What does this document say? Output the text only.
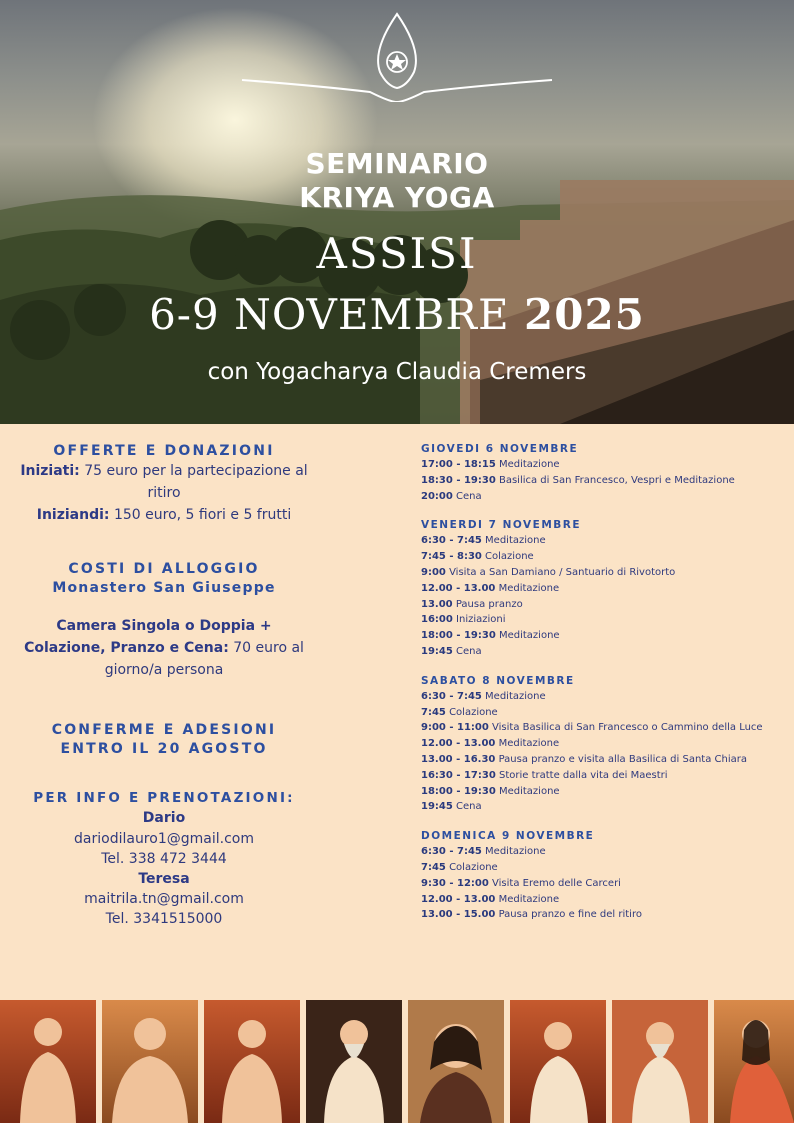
SEMINARIO
KRIYA YOGA
ASSISI
6-9 NOVEMBRE 2025
con Yogacharya Claudia Cremers
OFFERTE E DONAZIONI
Iniziati: 75 euro per la partecipazione al ritiro
Iniziandi: 150 euro, 5 fiori e 5 frutti
COSTI DI ALLOGGIO
Monastero San Giuseppe
Camera Singola o Doppia + Colazione, Pranzo e Cena: 70 euro al giorno/a persona
CONFERME E ADESIONI
ENTRO IL 20 AGOSTO
PER INFO E PRENOTAZIONI:
Dario
dariodilauro1@gmail.com
Tel. 338 472 3444
Teresa
maitrila.tn@gmail.com
Tel. 3341515000
GIOVEDI 6 NOVEMBRE
17:00 - 18:15 Meditazione
18:30 - 19:30 Basilica di San Francesco, Vespri e Meditazione
20:00 Cena
VENERDI 7 NOVEMBRE
6:30 - 7:45 Meditazione
7:45 - 8:30 Colazione
9:00 Visita a San Damiano / Santuario di Rivotorto
12.00 - 13.00 Meditazione
13.00 Pausa pranzo
16:00 Iniziazioni
18:00 - 19:30 Meditazione
19:45 Cena
SABATO 8 NOVEMBRE
6:30 - 7:45 Meditazione
7:45 Colazione
9:00 - 11:00 Visita Basilica di San Francesco o Cammino della Luce
12.00 - 13.00 Meditazione
13.00 - 16.30 Pausa pranzo e visita alla Basilica di Santa Chiara
16:30 - 17:30 Storie tratte dalla vita dei Maestri
18:00 - 19:30 Meditazione
19:45 Cena
DOMENICA 9 NOVEMBRE
6:30 - 7:45 Meditazione
7:45 Colazione
9:30 - 12:00 Visita Eremo delle Carceri
12.00 - 13.00 Meditazione
13.00 - 15.00 Pausa pranzo e fine del ritiro
